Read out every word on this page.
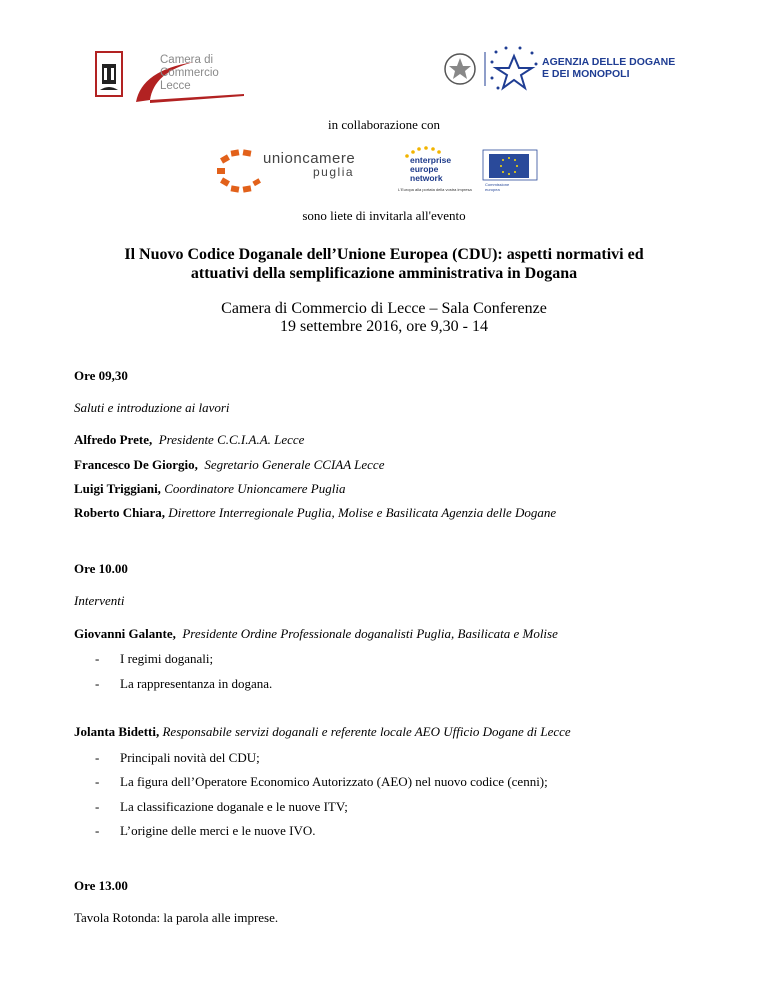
Camera di Commercio
Lecce
AGENZIA DELLE DOGANE
E DEI MONOPOLI
in collaborazione con
unioncamere
puglia
enterprise
europe
network
L'Europa alla portata della vostra impresa
Commissione
europea
sono liete di invitarla all'evento
Il Nuovo Codice Doganale dell’Unione Europea (CDU): aspetti normativi ed
attuativi della semplificazione amministrativa in Dogana
Camera di Commercio di Lecce – Sala Conferenze
19 settembre 2016, ore 9,30 - 14
Ore 09,30
Saluti e introduzione ai lavori
Alfredo Prete, Presidente C.C.I.A.A. Lecce
Francesco De Giorgio, Segretario Generale CCIAA Lecce
Luigi Triggiani, Coordinatore Unioncamere Puglia
Roberto Chiara, Direttore Interregionale Puglia, Molise e Basilicata Agenzia delle Dogane
Ore 10.00
Interventi
Giovanni Galante, Presidente Ordine Professionale doganalisti Puglia, Basilicata e Molise
- I regimi doganali;
- La rappresentanza in dogana.
Jolanta Bidetti, Responsabile servizi doganali e referente locale AEO Ufficio Dogane di Lecce
- Principali novità del CDU;
- La figura dell’Operatore Economico Autorizzato (AEO) nel nuovo codice (cenni);
- La classificazione doganale e le nuove ITV;
- L’origine delle merci e le nuove IVO.
Ore 13.00
Tavola Rotonda: la parola alle imprese.
